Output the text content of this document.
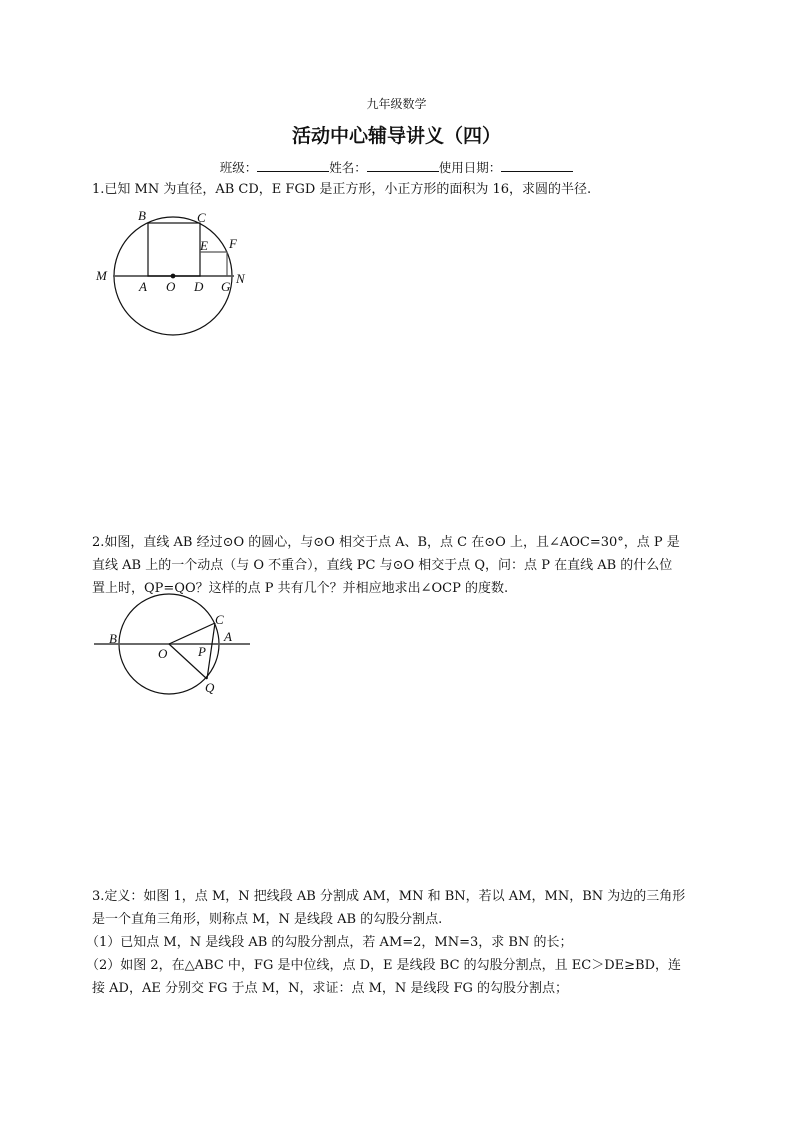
九年级数学
活动中心辅导讲义（四）
班级：	姓名：	使用日期：
1.已知 MN 为直径，AB CD，E FGD 是正方形，小正方形的面积为 16，求圆的半径.
B	C
E F
M
A O D G
N
B	A
O P
C
Q
2.如图，直线 AB 经过⊙O 的圆心，与⊙O 相交于点 A、B，点 C 在⊙O 上，且∠AOC=30°，点 P 是
直线 AB 上的一个动点（与 O 不重合），直线 PC 与⊙O 相交于点 Q，问：点 P 在直线 AB 的什么位
置上时，QP=QO？这样的点 P 共有几个？并相应地求出∠OCP 的度数.
3.定义：如图 1，点 M，N 把线段 AB 分割成 AM，MN 和 BN，若以 AM，MN，BN 为边的三角形
是一个直角三角形，则称点 M，N 是线段 AB 的勾股分割点.
（1）已知点 M，N 是线段 AB 的勾股分割点，若 AM=2，MN=3，求 BN 的长；
（2）如图 2，在△ABC 中，FG 是中位线，点 D，E 是线段 BC 的勾股分割点，且 EC＞DE≥BD，连
接 AD，AE 分别交 FG 于点 M，N，求证：点 M，N 是线段 FG 的勾股分割点；
